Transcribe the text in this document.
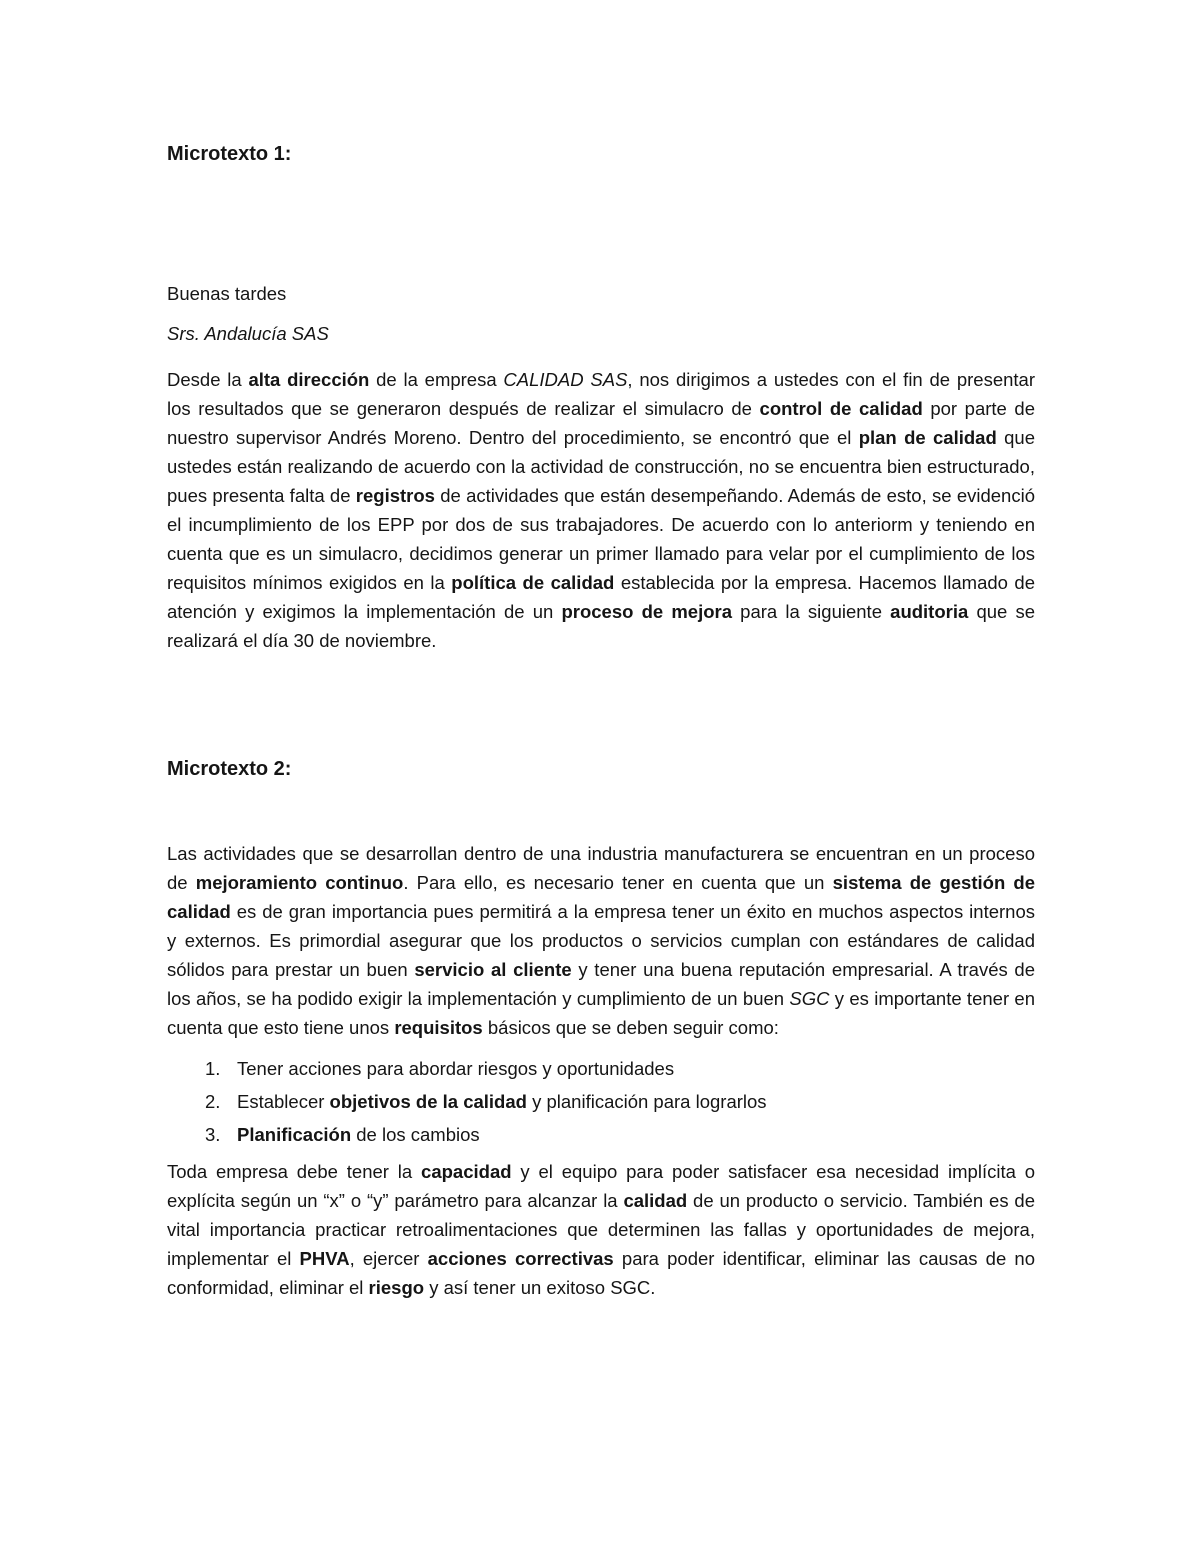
Microtexto 1:

Buenas tardes

Srs. Andalucía SAS

Desde la alta dirección de la empresa CALIDAD SAS, nos dirigimos a ustedes con el fin de presentar los resultados que se generaron después de realizar el simulacro de control de calidad por parte de nuestro supervisor Andrés Moreno. Dentro del procedimiento, se encontró que el plan de calidad que ustedes están realizando de acuerdo con la actividad de construcción, no se encuentra bien estructurado, pues presenta falta de registros de actividades que están desempeñando. Además de esto, se evidenció el incumplimiento de los EPP por dos de sus trabajadores. De acuerdo con lo anteriorm y teniendo en cuenta que es un simulacro, decidimos generar un primer llamado para velar por el cumplimiento de los requisitos mínimos exigidos en la política de calidad establecida por la empresa. Hacemos llamado de atención y exigimos la implementación de un proceso de mejora para la siguiente auditoria que se realizará el día 30 de noviembre.

Microtexto 2:

Las actividades que se desarrollan dentro de una industria manufacturera se encuentran en un proceso de mejoramiento continuo. Para ello, es necesario tener en cuenta que un sistema de gestión de calidad es de gran importancia pues permitirá a la empresa tener un éxito en muchos aspectos internos y externos. Es primordial asegurar que los productos o servicios cumplan con estándares de calidad sólidos para prestar un buen servicio al cliente y tener una buena reputación empresarial. A través de los años, se ha podido exigir la implementación y cumplimiento de un buen SGC y es importante tener en cuenta que esto tiene unos requisitos básicos que se deben seguir como:

1. Tener acciones para abordar riesgos y oportunidades
2. Establecer objetivos de la calidad y planificación para lograrlos
3. Planificación de los cambios

Toda empresa debe tener la capacidad y el equipo para poder satisfacer esa necesidad implícita o explícita según un “x” o “y” parámetro para alcanzar la calidad de un producto o servicio. También es de vital importancia practicar retroalimentaciones que determinen las fallas y oportunidades de mejora, implementar el PHVA, ejercer acciones correctivas para poder identificar, eliminar las causas de no conformidad, eliminar el riesgo y así tener un exitoso SGC.
